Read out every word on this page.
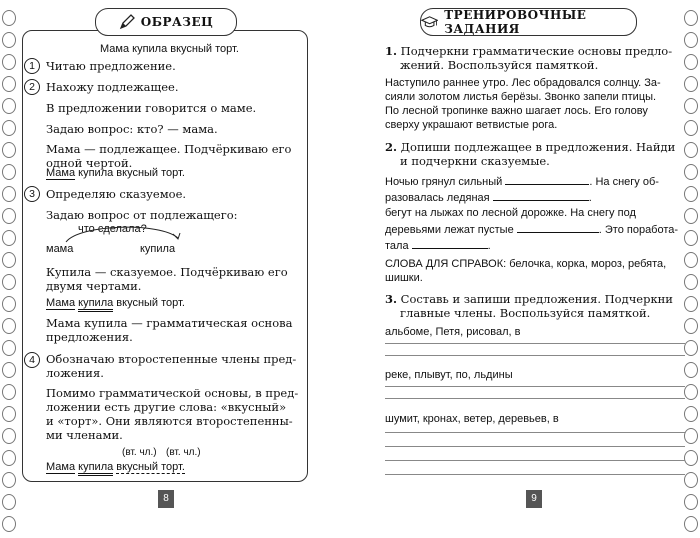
ОБРАЗЕЦ
Мама купила вкусный торт.
1 Читаю предложение.
2 Нахожу подлежащее.
В предложении говорится о маме.
Задаю вопрос: кто? — мама.
Мама — подлежащее. Подчёркиваю его
одной чертой.
Мама купила вкусный торт.
3 Определяю сказуемое.
Задаю вопрос от подлежащего:
что сделала?
мама	купила
Купила — сказуемое. Подчёркиваю его
двумя чертами.
Мама купила вкусный торт.
Мама купила — грамматическая основа
предложения.
4 Обозначаю второстепенные члены пред-
ложения.
Помимо грамматической основы, в пред-
ложении есть другие слова: «вкусный»
и «торт». Они являются второстепенны-
ми членами.
(вт. чл.) (вт. чл.)
Мама купила вкусный торт.
8
ТРЕНИРОВОЧНЫЕ ЗАДАНИЯ
1. Подчеркни грамматические основы предло-
жений. Воспользуйся памяткой.
Наступило раннее утро. Лес обрадовался солнцу. За-
сияли золотом листья берёзы. Звонко запели птицы.
По лесной тропинке важно шагает лось. Его голову
сверху украшают ветвистые рога.
2. Допиши подлежащее в предложения. Найди
и подчеркни сказуемые.
Ночью грянул сильный	. На снегу об-
разовалась ледяная	.
бегут на лыжах по лесной дорожке. На снегу под
деревьями лежат пустые	. Это поработа-
тала	.
СЛОВА ДЛЯ СПРАВОК: белочка, корка, мороз, ребята,
шишки.
3. Составь и запиши предложения. Подчеркни
главные члены. Воспользуйся памяткой.
альбоме, Петя, рисовал, в
реке, плывут, по, льдины
шумит, кронах, ветер, деревьев, в
9
